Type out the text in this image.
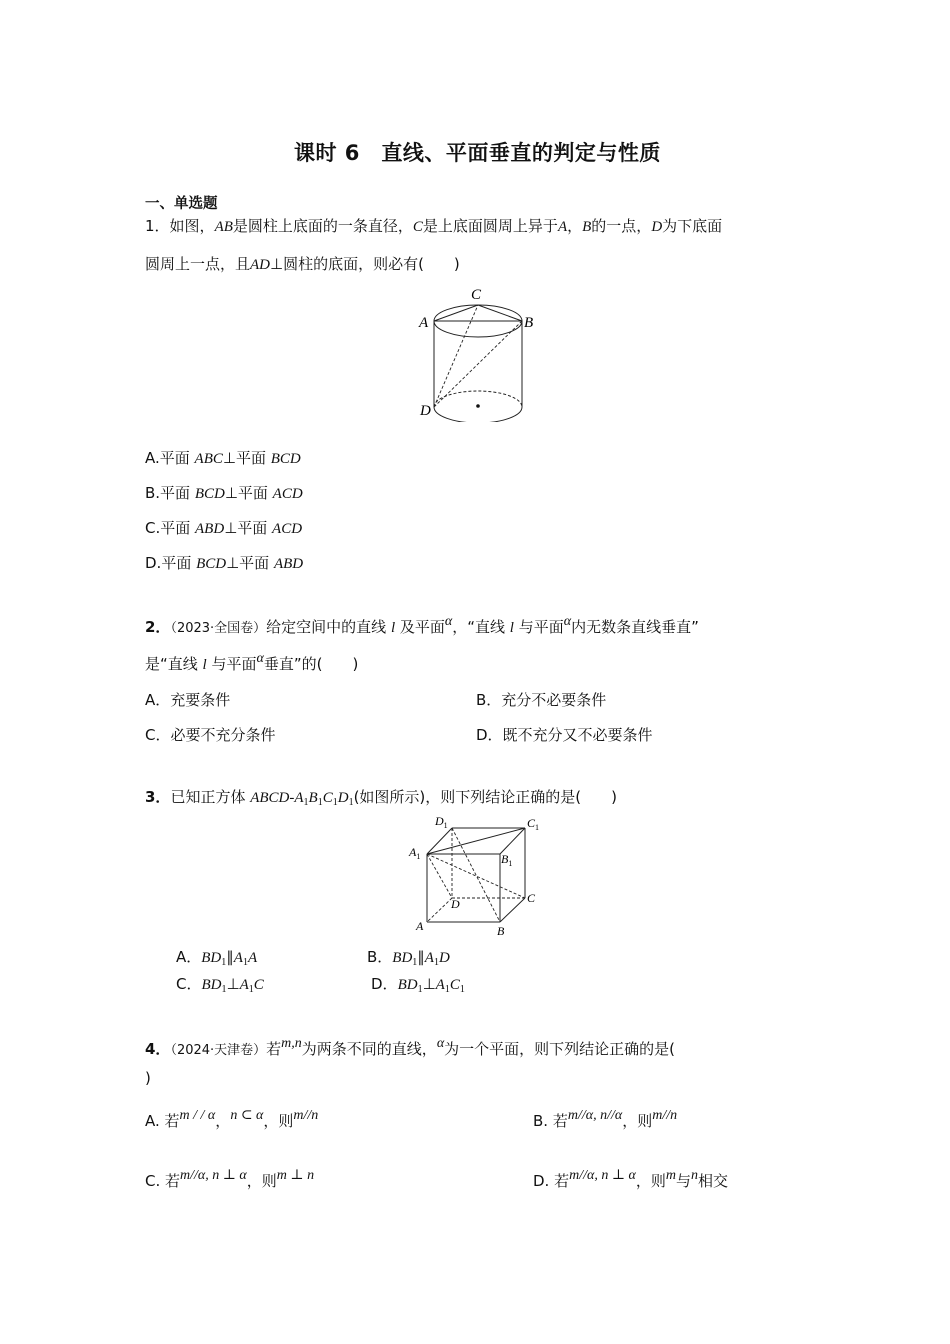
课时 6　直线、平面垂直的判定与性质
一、单选题
1．如图，AB是圆柱上底面的一条直径，C是上底面圆周上异于A，B的一点，D为下底面
圆周上一点，且AD⊥圆柱的底面，则必有(　　)
C
A	B
D
A.平面 ABC⊥平面 BCD
B.平面 BCD⊥平面 ACD
C.平面 ABD⊥平面 ACD
D.平面 BCD⊥平面 ABD
2．（2023·全国卷）给定空间中的直线 l 及平面α，“直线 l 与平面α内无数条直线垂直”
是“直线 l 与平面α垂直”的(　　)
A．充要条件	B．充分不必要条件
C．必要不充分条件	D．既不充分又不必要条件
3．已知正方体 ABCD-$A_1B_1C_1D_1$(如图所示)，则下列结论正确的是(　　)
$D_1$	$C_1$
$A_1$	$B_1$
C
D
A	B
A．$BD_1\parallel A_1A$	B．$BD_1\parallel A_1D$
C．$BD_1\perp A_1C$	D．$BD_1\perp A_1C_1$
4．（2024·天津卷）若m,n为两条不同的直线，α为一个平面，则下列结论正确的是(
)
A. 若m / / α，n ⊂ α，则m//n	B. 若m//α, n//α，则m//n
C. 若m//α, n ⊥ α，则m ⊥ n	D. 若m//α, n ⊥ α，则m与n相交
